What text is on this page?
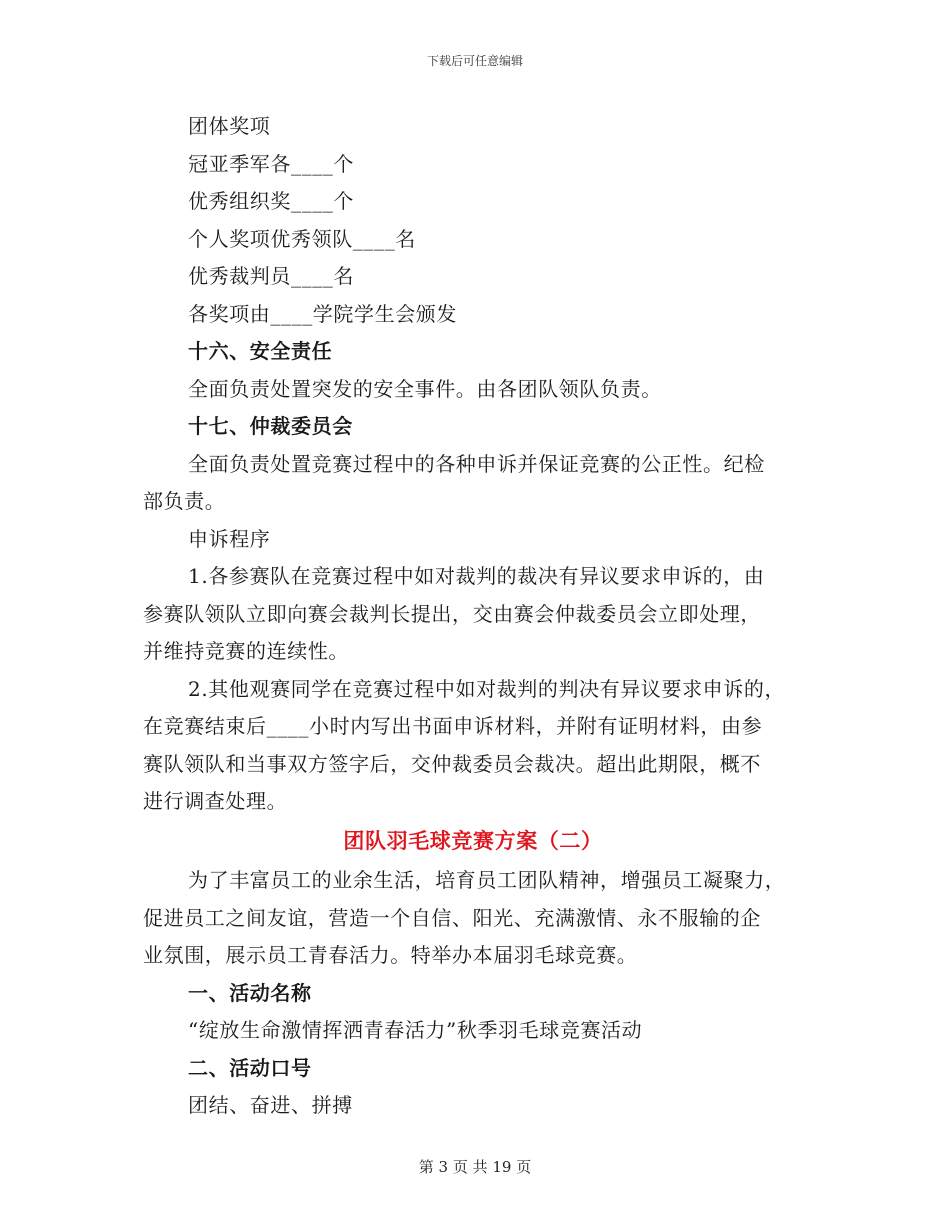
下载后可任意编辑
团体奖项
冠亚季军各____个
优秀组织奖____个
个人奖项优秀领队____名
优秀裁判员____名
各奖项由____学院学生会颁发
十六、安全责任
全面负责处置突发的安全事件。由各团队领队负责。
十七、仲裁委员会
全面负责处置竞赛过程中的各种申诉并保证竞赛的公正性。纪检
部负责。
申诉程序
1.各参赛队在竞赛过程中如对裁判的裁决有异议要求申诉的，由
参赛队领队立即向赛会裁判长提出，交由赛会仲裁委员会立即处理，
并维持竞赛的连续性。
2.其他观赛同学在竞赛过程中如对裁判的判决有异议要求申诉的，
在竞赛结束后____小时内写出书面申诉材料，并附有证明材料，由参
赛队领队和当事双方签字后，交仲裁委员会裁决。超出此期限，概不
进行调查处理。
团队羽毛球竞赛方案（二）
为了丰富员工的业余生活，培育员工团队精神，增强员工凝聚力，
促进员工之间友谊，营造一个自信、阳光、充满激情、永不服输的企
业氛围，展示员工青春活力。特举办本届羽毛球竞赛。
一、活动名称
“绽放生命激情挥洒青春活力”秋季羽毛球竞赛活动
二、活动口号
团结、奋进、拼搏
第 3 页 共 19 页
